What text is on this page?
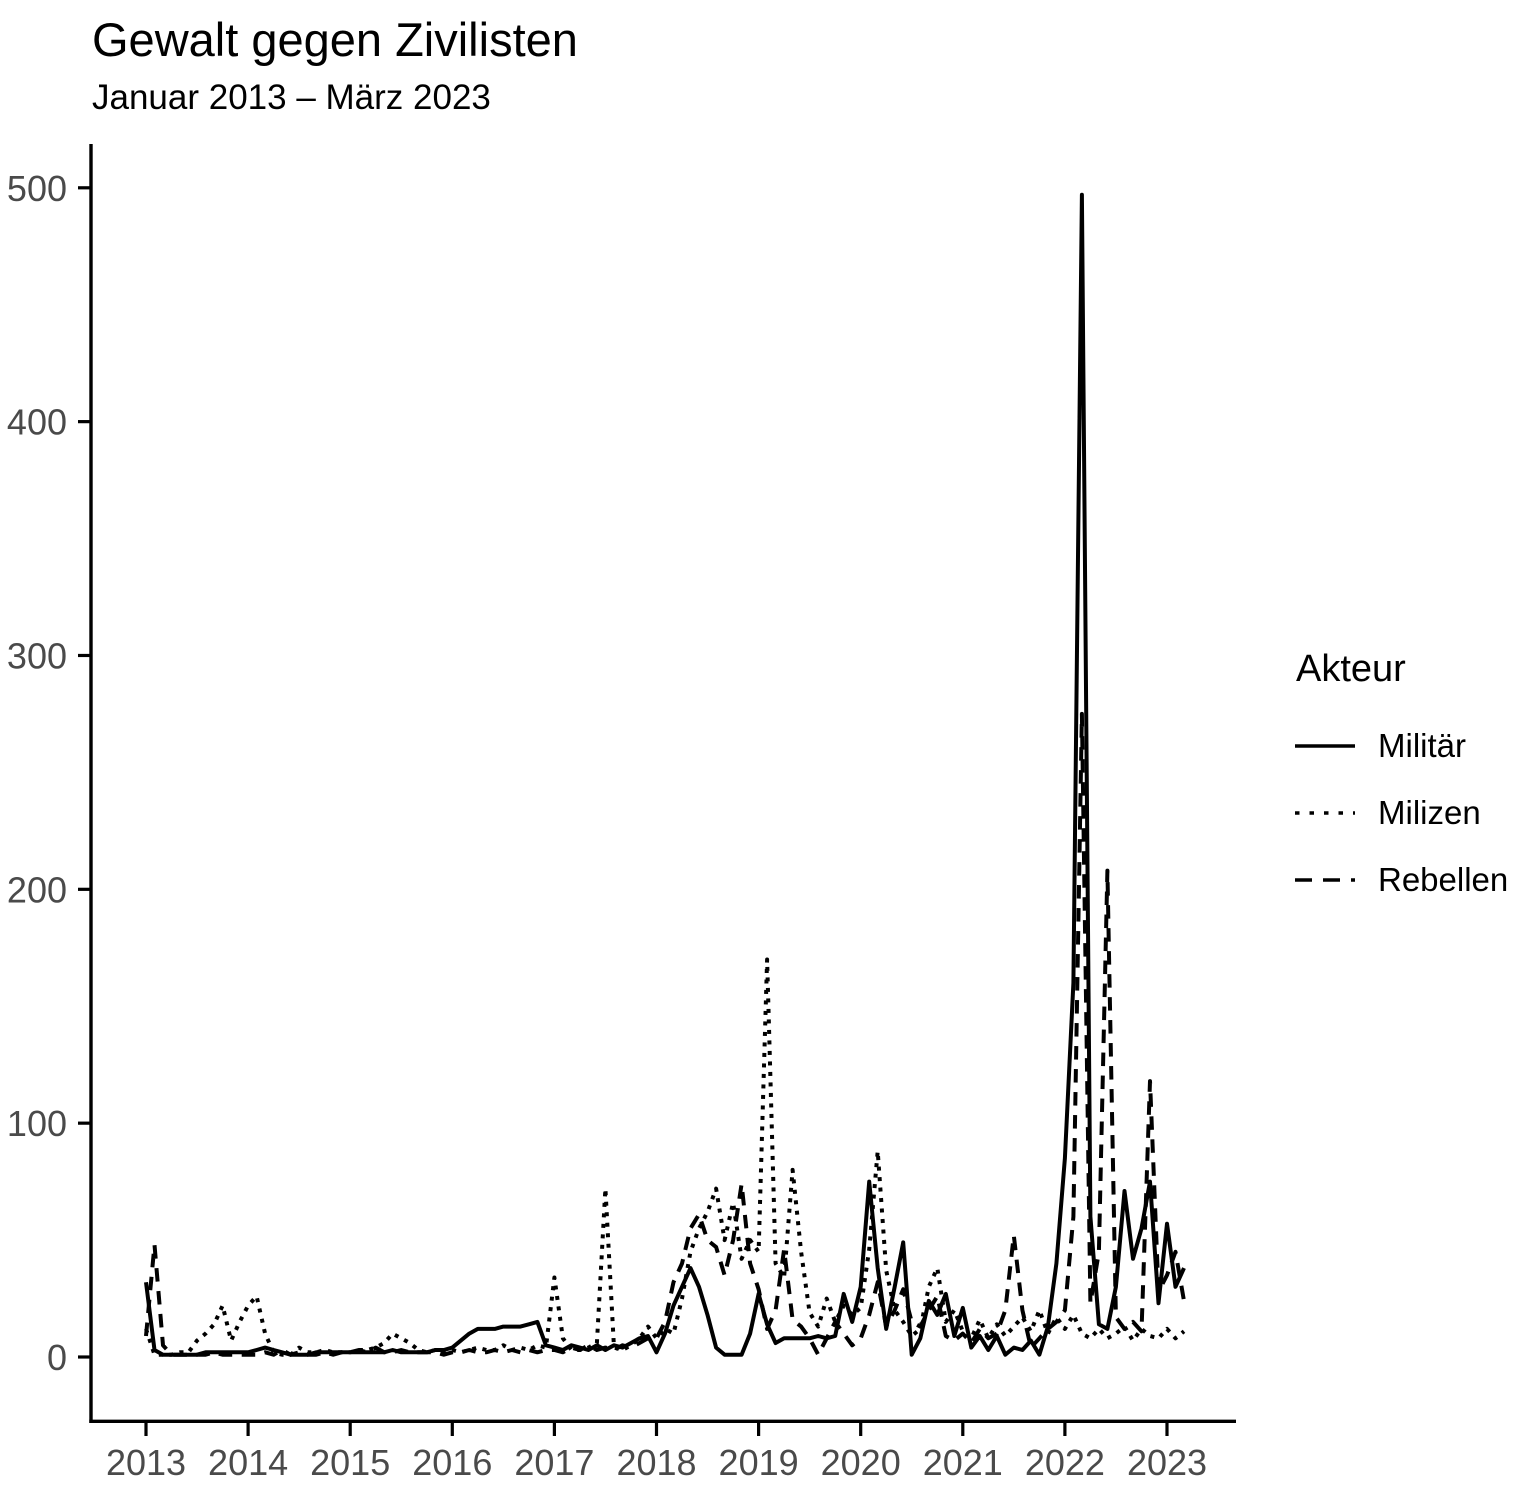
Gewalt gegen Zivilisten
Januar 2013 – März 2023
0
100
200
300
400
500
2013 2014 2015 2016 2017 2018 2019 2020 2021 2022 2023
Akteur
Militär
Milizen
Rebellen
